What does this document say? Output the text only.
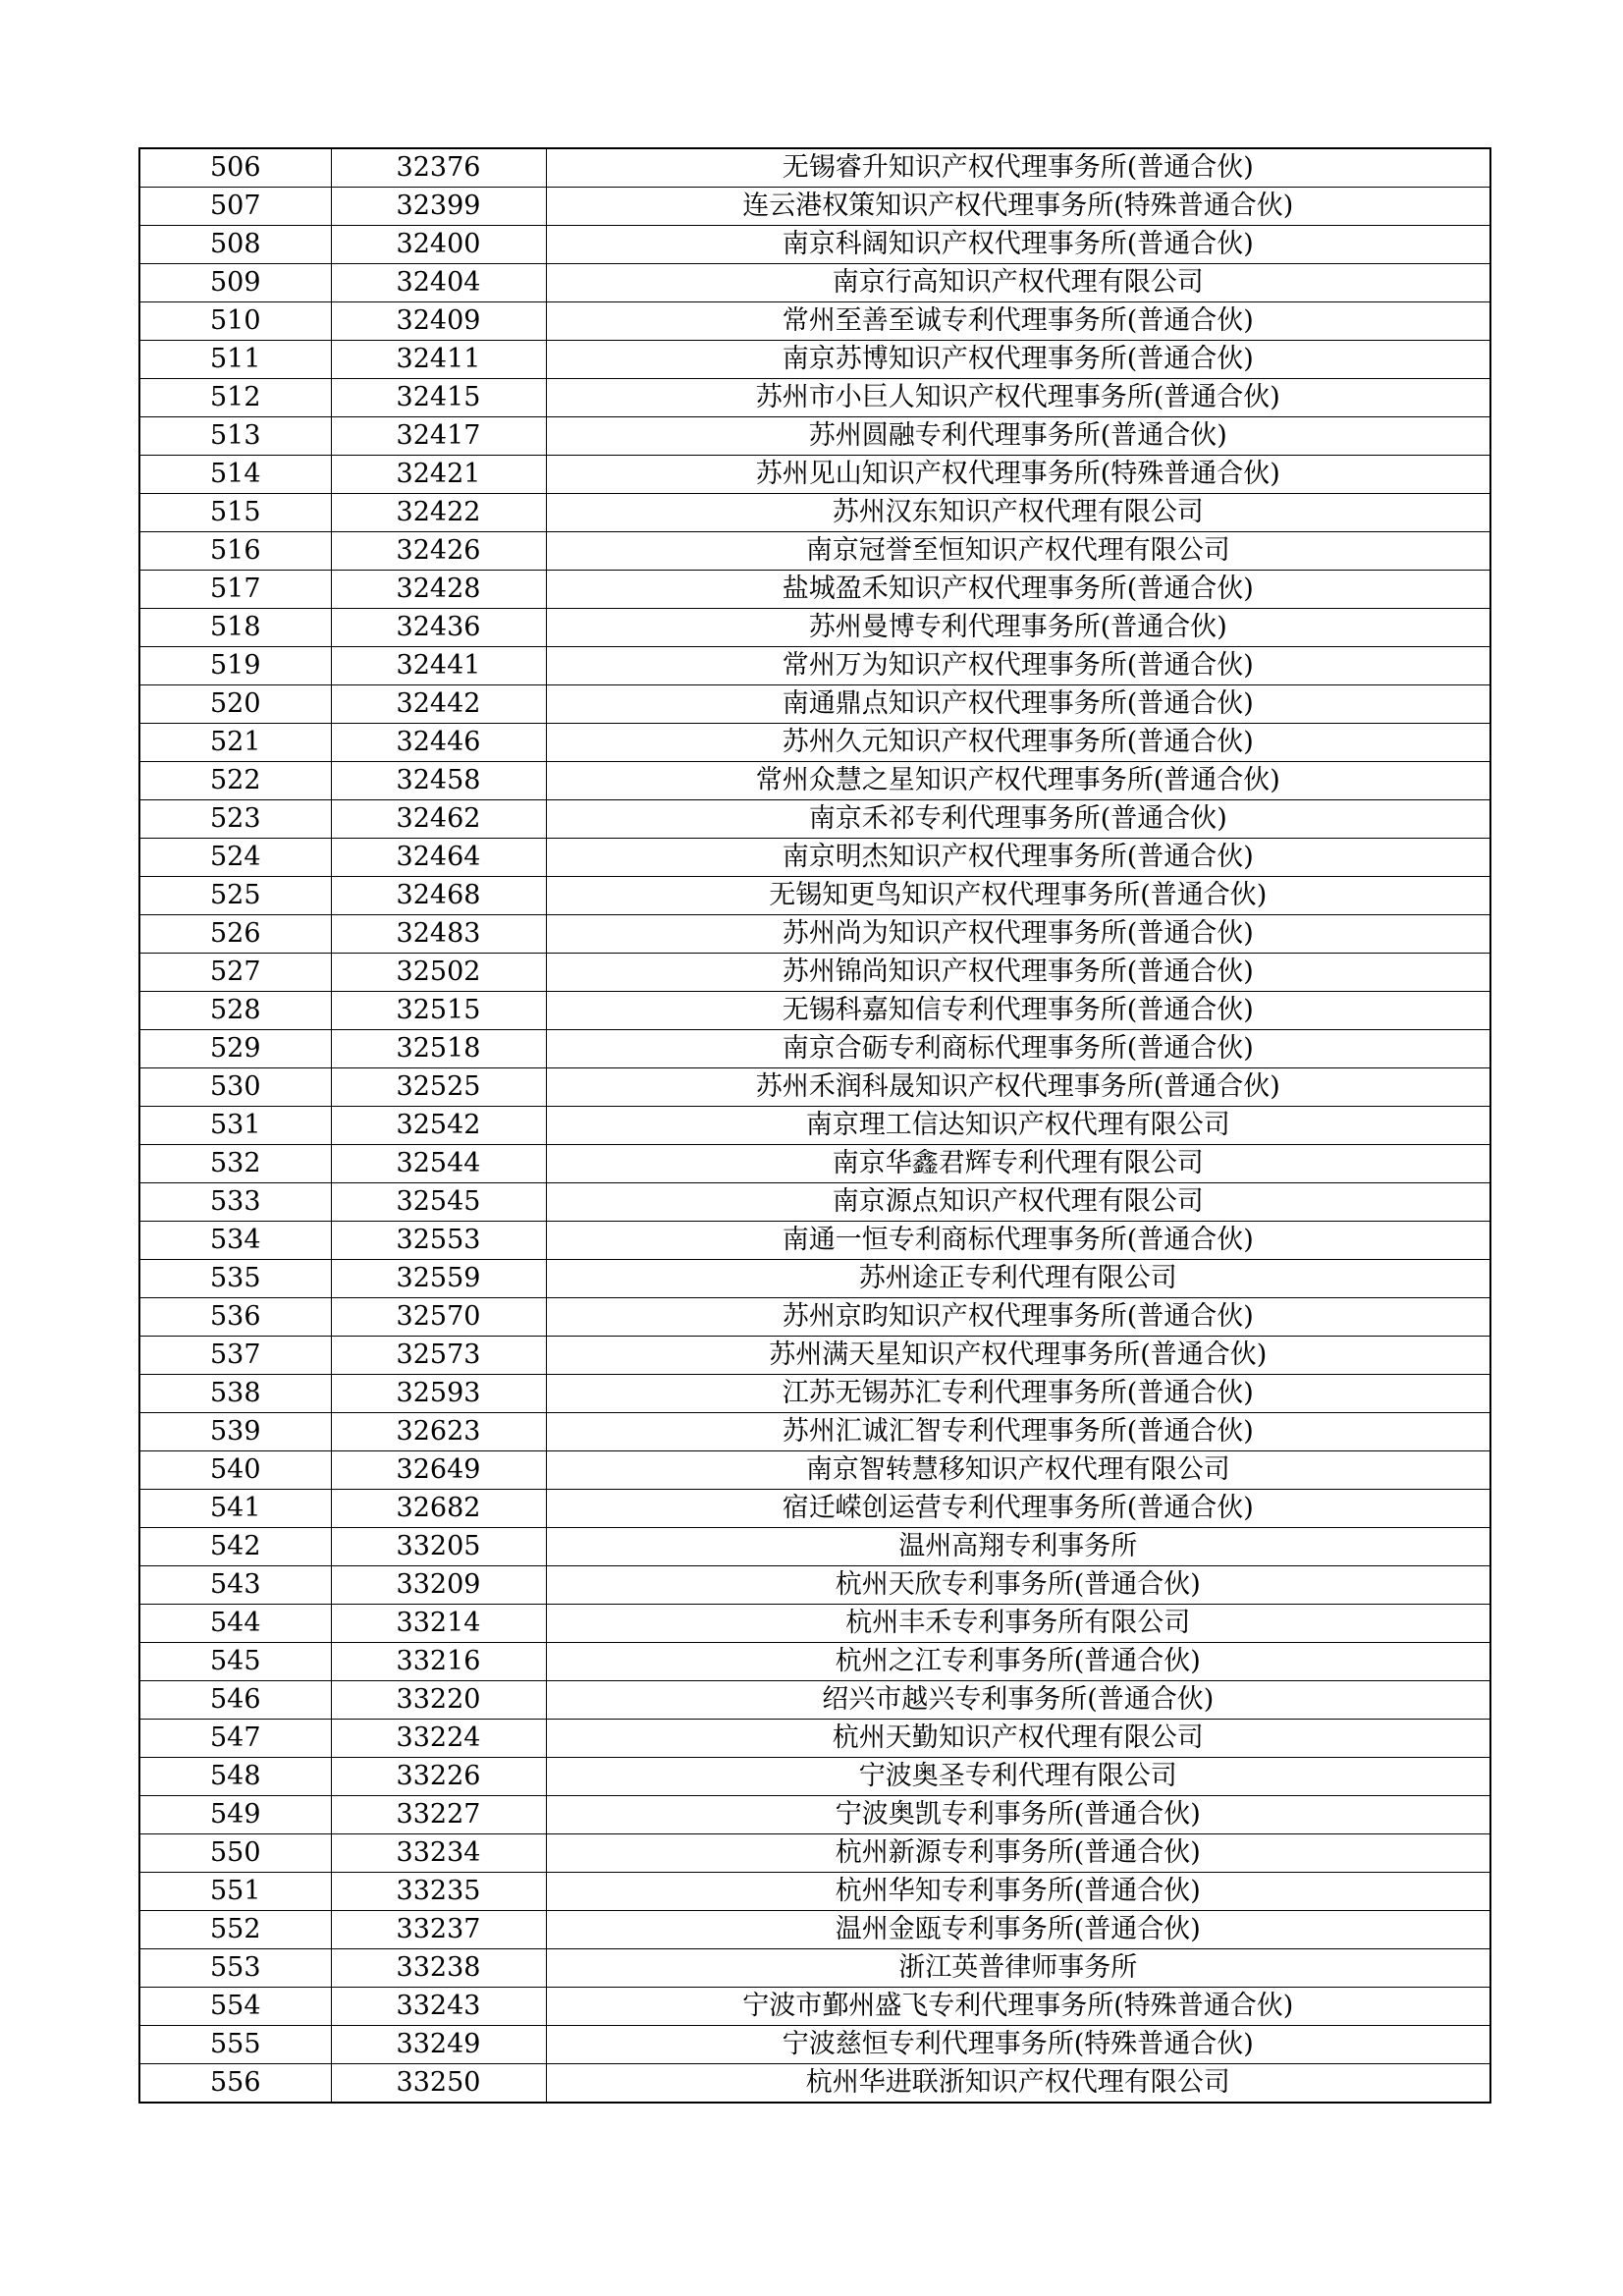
506	32376	无锡睿升知识产权代理事务所(普通合伙)
507	32399	连云港权策知识产权代理事务所(特殊普通合伙)
508	32400	南京科阔知识产权代理事务所(普通合伙)
509	32404	南京行高知识产权代理有限公司
510	32409	常州至善至诚专利代理事务所(普通合伙)
511	32411	南京苏博知识产权代理事务所(普通合伙)
512	32415	苏州市小巨人知识产权代理事务所(普通合伙)
513	32417	苏州圆融专利代理事务所(普通合伙)
514	32421	苏州见山知识产权代理事务所(特殊普通合伙)
515	32422	苏州汉东知识产权代理有限公司
516	32426	南京冠誉至恒知识产权代理有限公司
517	32428	盐城盈禾知识产权代理事务所(普通合伙)
518	32436	苏州曼博专利代理事务所(普通合伙)
519	32441	常州万为知识产权代理事务所(普通合伙)
520	32442	南通鼎点知识产权代理事务所(普通合伙)
521	32446	苏州久元知识产权代理事务所(普通合伙)
522	32458	常州众慧之星知识产权代理事务所(普通合伙)
523	32462	南京禾祁专利代理事务所(普通合伙)
524	32464	南京明杰知识产权代理事务所(普通合伙)
525	32468	无锡知更鸟知识产权代理事务所(普通合伙)
526	32483	苏州尚为知识产权代理事务所(普通合伙)
527	32502	苏州锦尚知识产权代理事务所(普通合伙)
528	32515	无锡科嘉知信专利代理事务所(普通合伙)
529	32518	南京合砺专利商标代理事务所(普通合伙)
530	32525	苏州禾润科晟知识产权代理事务所(普通合伙)
531	32542	南京理工信达知识产权代理有限公司
532	32544	南京华鑫君辉专利代理有限公司
533	32545	南京源点知识产权代理有限公司
534	32553	南通一恒专利商标代理事务所(普通合伙)
535	32559	苏州途正专利代理有限公司
536	32570	苏州京昀知识产权代理事务所(普通合伙)
537	32573	苏州满天星知识产权代理事务所(普通合伙)
538	32593	江苏无锡苏汇专利代理事务所(普通合伙)
539	32623	苏州汇诚汇智专利代理事务所(普通合伙)
540	32649	南京智转慧移知识产权代理有限公司
541	32682	宿迁嵘创运营专利代理事务所(普通合伙)
542	33205	温州高翔专利事务所
543	33209	杭州天欣专利事务所(普通合伙)
544	33214	杭州丰禾专利事务所有限公司
545	33216	杭州之江专利事务所(普通合伙)
546	33220	绍兴市越兴专利事务所(普通合伙)
547	33224	杭州天勤知识产权代理有限公司
548	33226	宁波奥圣专利代理有限公司
549	33227	宁波奥凯专利事务所(普通合伙)
550	33234	杭州新源专利事务所(普通合伙)
551	33235	杭州华知专利事务所(普通合伙)
552	33237	温州金瓯专利事务所(普通合伙)
553	33238	浙江英普律师事务所
554	33243	宁波市鄞州盛飞专利代理事务所(特殊普通合伙)
555	33249	宁波慈恒专利代理事务所(特殊普通合伙)
556	33250	杭州华进联浙知识产权代理有限公司
